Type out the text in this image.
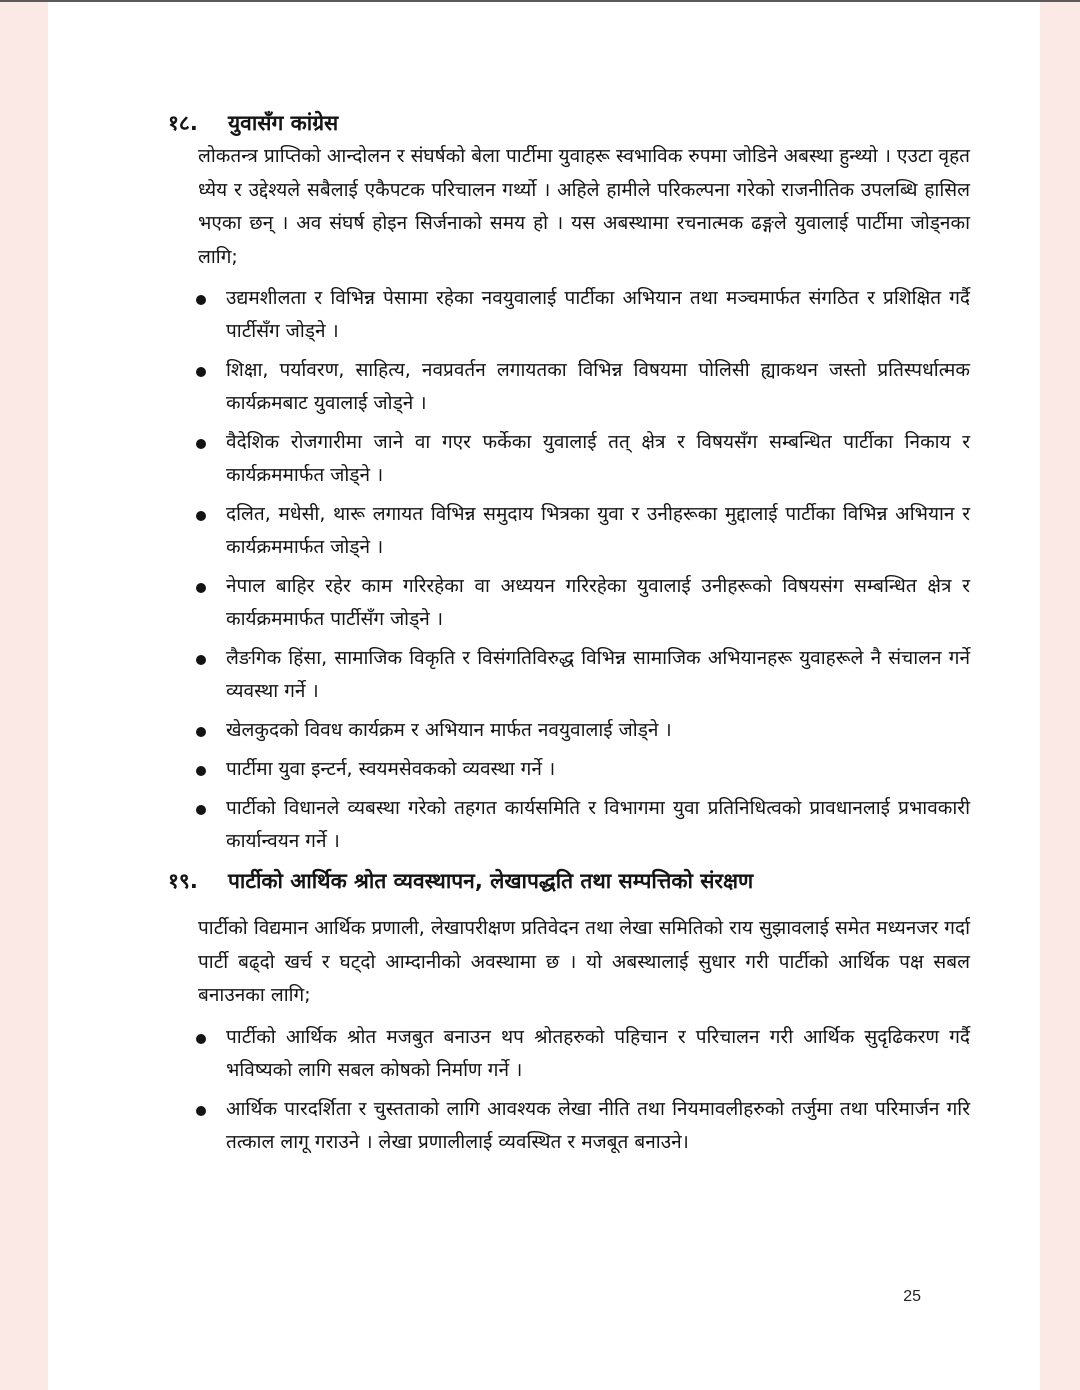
१८.	युवासँग कांग्रेस

लोकतन्त्र प्राप्तिको आन्दोलन र संघर्षको बेला पार्टीमा युवाहरू स्वभाविक रुपमा जोडिने अबस्था हुन्थ्यो । एउटा वृहत ध्येय र उद्देश्यले सबैलाई एकैपटक परिचालन गर्थ्यो । अहिले हामीले परिकल्पना गरेको राजनीतिक उपलब्धि हासिल भएका छन् । अव संघर्ष होइन सिर्जनाको समय हो । यस अबस्थामा रचनात्मक ढङ्गले युवालाई पार्टीमा जोड्नका लागि;

उद्यमशीलता र विभिन्न पेसामा रहेका नवयुवालाई पार्टीका अभियान तथा मञ्चमार्फत संगठित र प्रशिक्षित गर्दै पार्टीसँग जोड्ने ।
शिक्षा, पर्यावरण, साहित्य, नवप्रवर्तन लगायतका विभिन्न विषयमा पोलिसी ह्याकथन जस्तो प्रतिस्पर्धात्मक कार्यक्रमबाट युवालाई जोड्ने ।
वैदेशिक रोजगारीमा जाने वा गएर फर्केका युवालाई तत् क्षेत्र र विषयसँग सम्बन्धित पार्टीका निकाय र कार्यक्रममार्फत जोड्ने ।
दलित, मधेसी, थारू लगायत विभिन्न समुदाय भित्रका युवा र उनीहरूका मुद्दालाई पार्टीका विभिन्न अभियान र कार्यक्रममार्फत जोड्ने ।
नेपाल बाहिर रहेर काम गरिरहेका वा अध्ययन गरिरहेका युवालाई उनीहरूको विषयसंग सम्बन्धित क्षेत्र र कार्यक्रममार्फत पार्टीसँग जोड्ने ।
लैङगिक हिंसा, सामाजिक विकृति र विसंगतिविरुद्ध विभिन्न सामाजिक अभियानहरू युवाहरूले नै संचालन गर्ने व्यवस्था गर्ने ।
खेलकुदको विवध कार्यक्रम र अभियान मार्फत नवयुवालाई जोड्ने ।
पार्टीमा युवा इन्टर्न, स्वयमसेवकको व्यवस्था गर्ने ।
पार्टीको विधानले व्यबस्था गरेको तहगत कार्यसमिति र विभागमा युवा प्रतिनिधित्वको प्रावधानलाई प्रभावकारी कार्यान्वयन गर्ने ।
१९.	पार्टीको आर्थिक श्रोत व्यवस्थापन, लेखापद्धति तथा सम्पत्तिको संरक्षण

पार्टीको विद्यमान आर्थिक प्रणाली, लेखापरीक्षण प्रतिवेदन तथा लेखा समितिको राय सुझावलाई समेत मध्यनजर गर्दा पार्टी बढ्दो खर्च र घट्दो आम्दानीको अवस्थामा छ । यो अबस्थालाई सुधार गरी पार्टीको आर्थिक पक्ष सबल बनाउनका लागि;

पार्टीको आर्थिक श्रोत मजबुत बनाउन थप श्रोतहरुको पहिचान र परिचालन गरी आर्थिक सुदृढिकरण गर्दै भविष्यको लागि सबल कोषको निर्माण गर्ने ।
आर्थिक पारदर्शिता र चुस्तताको लागि आवश्यक लेखा नीति तथा नियमावलीहरुको तर्जुमा तथा परिमार्जन गरि तत्काल लागू गराउने । लेखा प्रणालीलाई व्यवस्थित र मजबूत बनाउने।
25
